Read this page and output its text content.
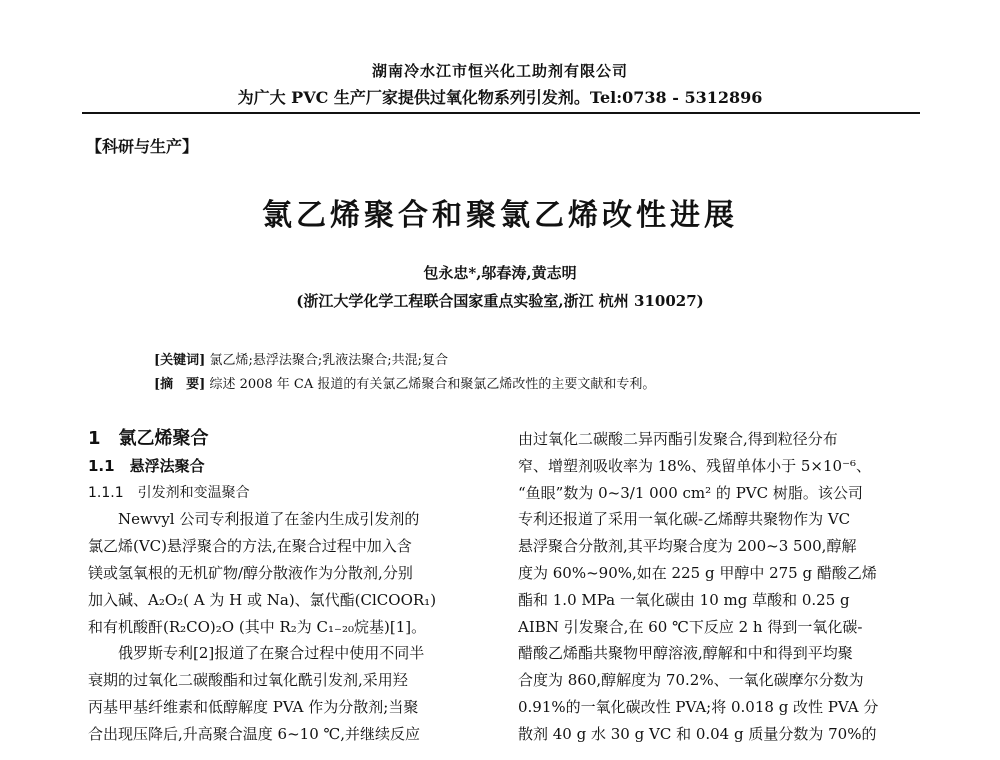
湖南冷水江市恒兴化工助剂有限公司
为广大 PVC 生产厂家提供过氧化物系列引发剂。Tel:0738 - 5312896
【科研与生产】
氯乙烯聚合和聚氯乙烯改性进展
包永忠*,邬春涛,黄志明
(浙江大学化学工程联合国家重点实验室,浙江 杭州 310027)
[关键词] 氯乙烯;悬浮法聚合;乳液法聚合;共混;复合
[摘　要] 综述 2008 年 CA 报道的有关氯乙烯聚合和聚氯乙烯改性的主要文献和专利。
1　氯乙烯聚合
1.1　悬浮法聚合
1.1.1　引发剂和变温聚合
Newvyl 公司专利报道了在釜内生成引发剂的
氯乙烯(VC)悬浮聚合的方法,在聚合过程中加入含
镁或氢氧根的无机矿物/醇分散液作为分散剂,分别
加入碱、A₂O₂( A 为 H 或 Na)、氯代酯(ClCOOR₁)
和有机酸酐(R₂CO)₂O (其中 R₂为 C₁₋₂₀烷基)[1]。
俄罗斯专利[2]报道了在聚合过程中使用不同半
衰期的过氧化二碳酸酯和过氧化酰引发剂,采用羟
丙基甲基纤维素和低醇解度 PVA 作为分散剂;当聚
合出现压降后,升高聚合温度 6~10 ℃,并继续反应
由过氧化二碳酸二异丙酯引发聚合,得到粒径分布
窄、增塑剂吸收率为 18%、残留单体小于 5×10⁻⁶、
“鱼眼”数为 0~3/1 000 cm² 的 PVC 树脂。该公司
专利还报道了采用一氧化碳-乙烯醇共聚物作为 VC
悬浮聚合分散剂,其平均聚合度为 200~3 500,醇解
度为 60%~90%,如在 225 g 甲醇中 275 g 醋酸乙烯
酯和 1.0 MPa 一氧化碳由 10 mg 草酸和 0.25 g
AIBN 引发聚合,在 60 ℃下反应 2 h 得到一氧化碳-
醋酸乙烯酯共聚物甲醇溶液,醇解和中和得到平均聚
合度为 860,醇解度为 70.2%、一氧化碳摩尔分数为
0.91%的一氧化碳改性 PVA;将 0.018 g 改性 PVA 分
散剂 40 g 水 30 g VC 和 0.04 g 质量分数为 70%的
